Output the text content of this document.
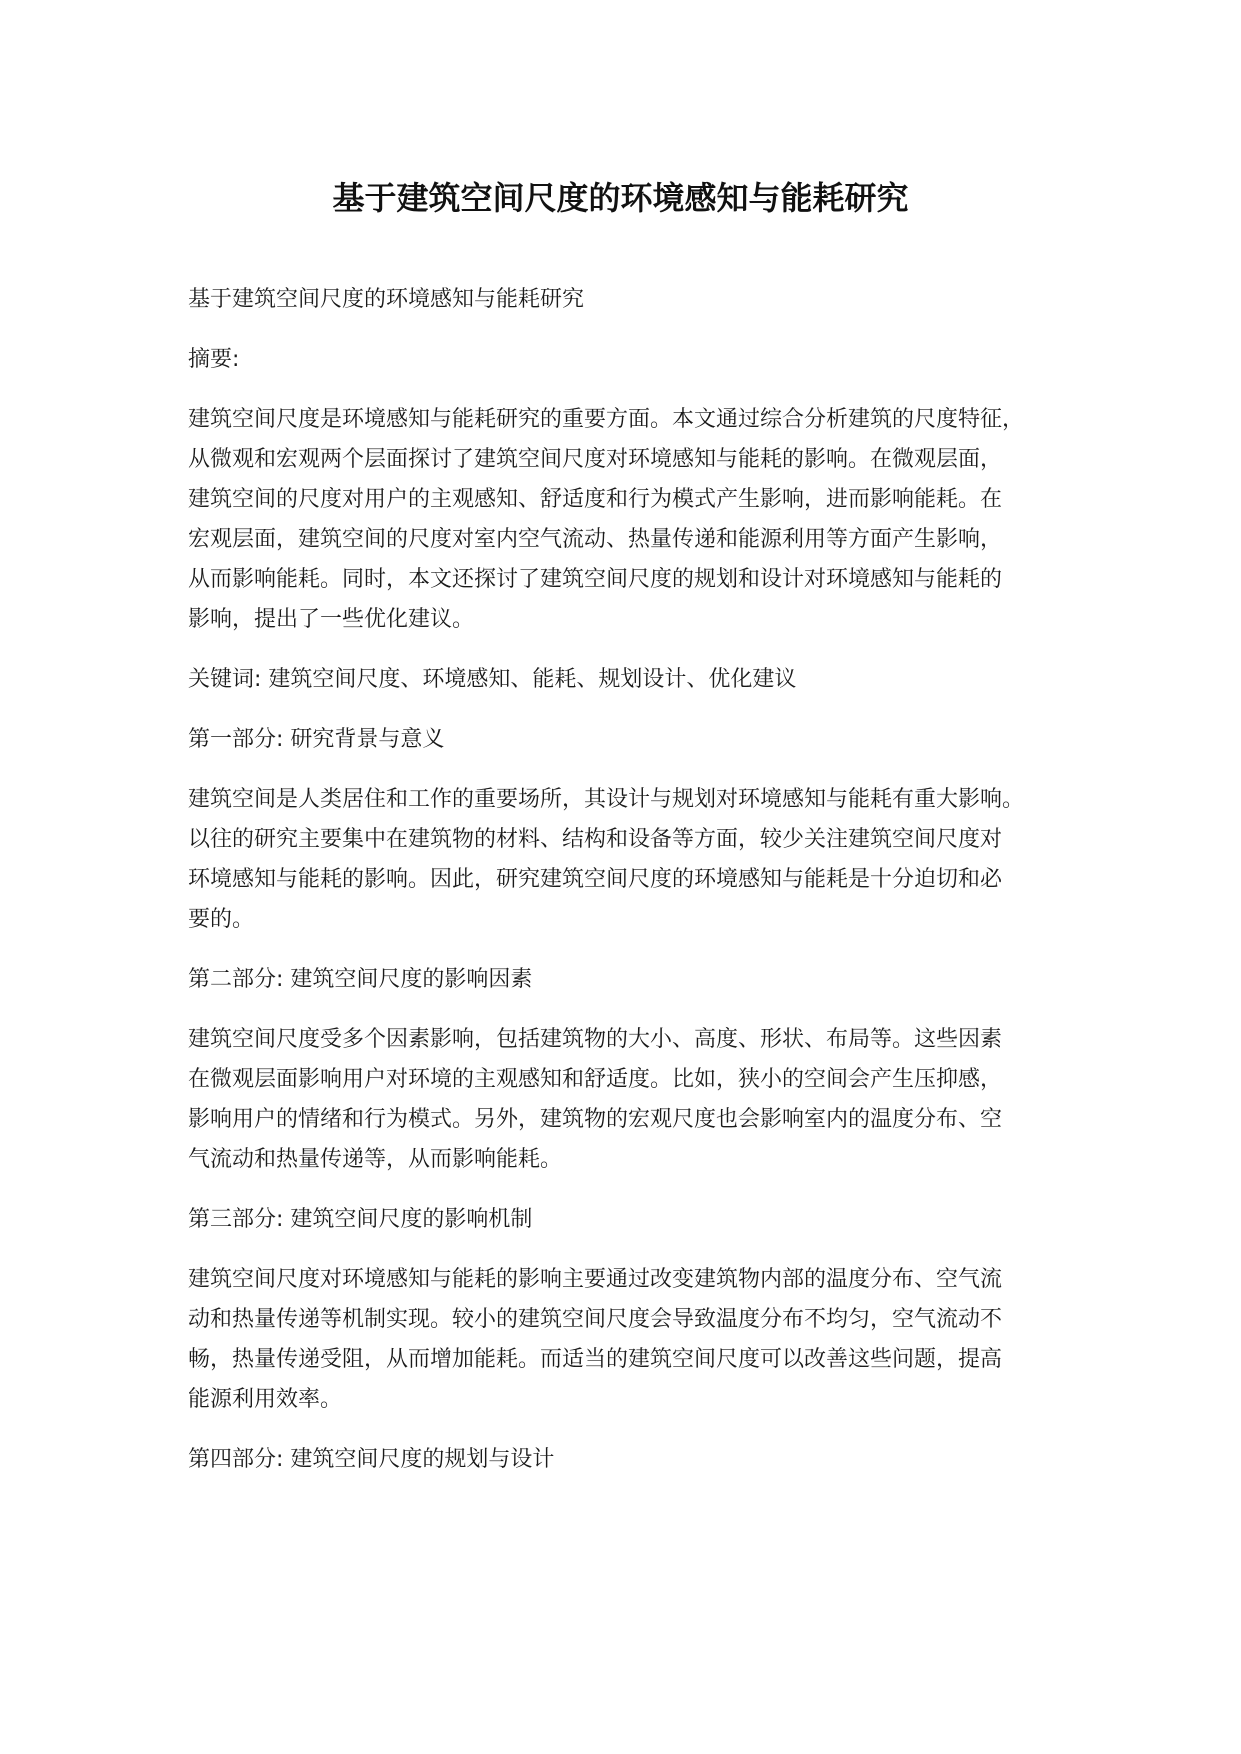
基于建筑空间尺度的环境感知与能耗研究

基于建筑空间尺度的环境感知与能耗研究

摘要:

建筑空间尺度是环境感知与能耗研究的重要方面。本文通过综合分析建筑的尺度特征，
从微观和宏观两个层面探讨了建筑空间尺度对环境感知与能耗的影响。在微观层面，
建筑空间的尺度对用户的主观感知、舒适度和行为模式产生影响，进而影响能耗。在
宏观层面，建筑空间的尺度对室内空气流动、热量传递和能源利用等方面产生影响，
从而影响能耗。同时，本文还探讨了建筑空间尺度的规划和设计对环境感知与能耗的
影响，提出了一些优化建议。

关键词: 建筑空间尺度、环境感知、能耗、规划设计、优化建议

第一部分: 研究背景与意义

建筑空间是人类居住和工作的重要场所，其设计与规划对环境感知与能耗有重大影响。
以往的研究主要集中在建筑物的材料、结构和设备等方面，较少关注建筑空间尺度对
环境感知与能耗的影响。因此，研究建筑空间尺度的环境感知与能耗是十分迫切和必
要的。

第二部分: 建筑空间尺度的影响因素

建筑空间尺度受多个因素影响，包括建筑物的大小、高度、形状、布局等。这些因素
在微观层面影响用户对环境的主观感知和舒适度。比如，狭小的空间会产生压抑感，
影响用户的情绪和行为模式。另外，建筑物的宏观尺度也会影响室内的温度分布、空
气流动和热量传递等，从而影响能耗。

第三部分: 建筑空间尺度的影响机制

建筑空间尺度对环境感知与能耗的影响主要通过改变建筑物内部的温度分布、空气流
动和热量传递等机制实现。较小的建筑空间尺度会导致温度分布不均匀，空气流动不
畅，热量传递受阻，从而增加能耗。而适当的建筑空间尺度可以改善这些问题，提高
能源利用效率。

第四部分: 建筑空间尺度的规划与设计
